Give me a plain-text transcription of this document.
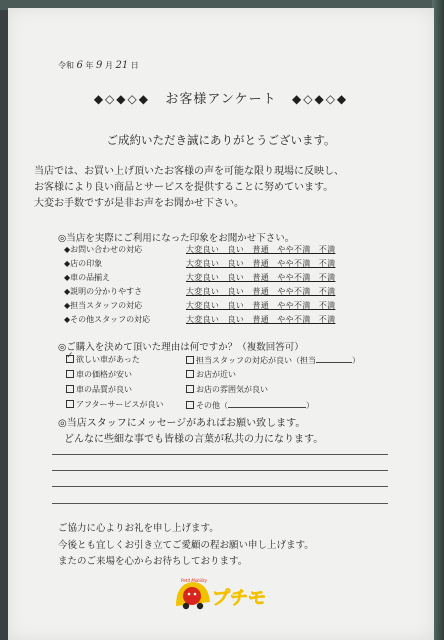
令和 6 年 9 月 21 日
◆◇◆◇◆ お客様アンケート ◆◇◆◇◆
ご成約いただき誠にありがとうございます。
当店では、お買い上げ頂いたお客様の声を可能な限り現場に反映し、
お客様により良い商品とサービスを提供することに努めています。
大変お手数ですが是非お声をお聞かせ下さい。
◎当店を実際にご利用になった印象をお聞かせ下さい。
◆お問い合わせの対応	大変良い　良い　普通　やや不満　不満
◆店の印象	大変良い　良い　普通　やや不満　不満
◆車の品揃え	大変良い　良い　普通　やや不満　不満
◆説明の分かりやすさ	大変良い　良い　普通　やや不満　不満
◆担当スタッフの対応	大変良い　良い　普通　やや不満　不満
◆その他スタッフの対応	大変良い　良い　普通　やや不満　不満
◎ご購入を決めて頂いた理由は何ですか？（複数回答可）
✓欲しい車があった
車の価格が安い
車の品質が良い
アフターサービスが良い
担当スタッフの対応が良い（担当	）
お店が近い
お店の雰囲気が良い
その他（	）
◎当店スタッフにメッセージがあればお願い致します。
どんなに些細な事でも皆様の言葉が私共の力になります。
ご協力に心よりお礼を申し上げます。
今後とも宜しくお引き立てご愛顧の程お願い申し上げます。
またのご来場を心からお待ちしております。
Petit Mobility
プチモ
